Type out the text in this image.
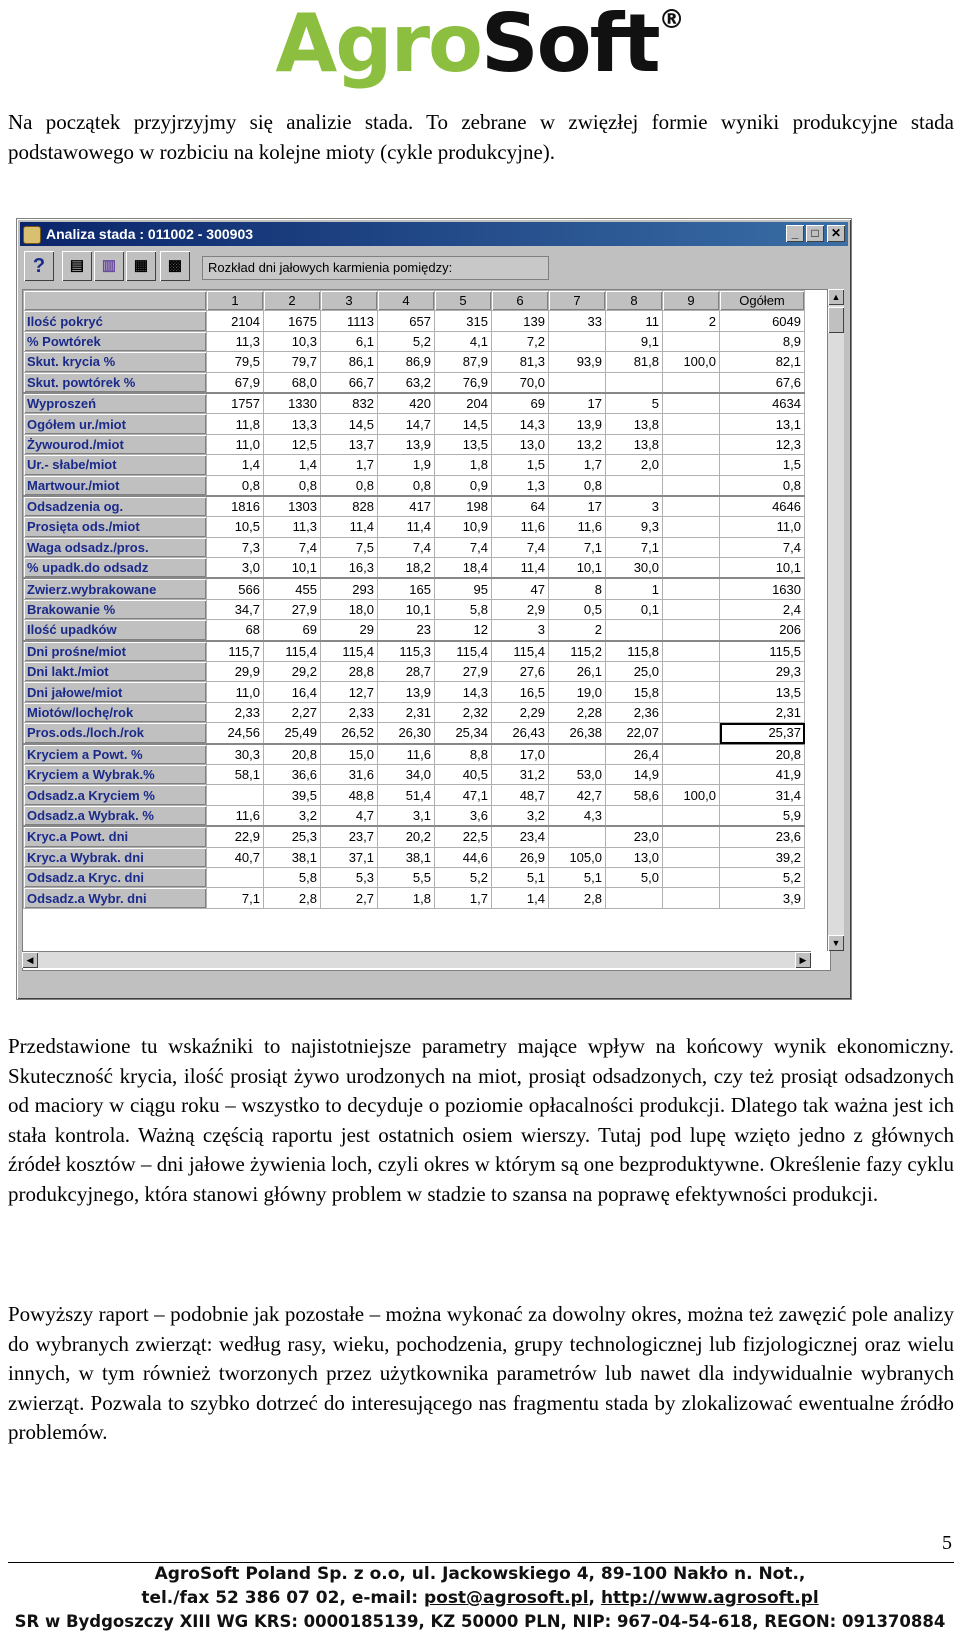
AgroSoft®

Na początek przyjrzyjmy się analizie stada. To zebrane w zwięzłej formie wyniki produkcyjne stada podstawowego w rozbiciu na kolejne mioty (cykle produkcyjne).

Analiza stada : 011002 - 300903	_	□	✕
?	▤	▥	▦	▩	Rozkład dni jałowych karmienia pomiędzy:
	1	2	3	4	5	6	7	8	9	Ogółem
Ilość pokryć	2104	1675	1113	657	315	139	33	11	2	6049
% Powtórek	11,3	10,3	6,1	5,2	4,1	7,2		9,1		8,9
Skut. krycia %	79,5	79,7	86,1	86,9	87,9	81,3	93,9	81,8	100,0	82,1
Skut. powtórek %	67,9	68,0	66,7	63,2	76,9	70,0				67,6
Wyproszeń	1757	1330	832	420	204	69	17	5		4634
Ogółem ur./miot	11,8	13,3	14,5	14,7	14,5	14,3	13,9	13,8		13,1
Żywourod./miot	11,0	12,5	13,7	13,9	13,5	13,0	13,2	13,8		12,3
Ur.- słabe/miot	1,4	1,4	1,7	1,9	1,8	1,5	1,7	2,0		1,5
Martwour./miot	0,8	0,8	0,8	0,8	0,9	1,3	0,8			0,8
Odsadzenia og.	1816	1303	828	417	198	64	17	3		4646
Prosięta ods./miot	10,5	11,3	11,4	11,4	10,9	11,6	11,6	9,3		11,0
Waga odsadz./pros.	7,3	7,4	7,5	7,4	7,4	7,4	7,1	7,1		7,4
% upadk.do odsadz	3,0	10,1	16,3	18,2	18,4	11,4	10,1	30,0		10,1
Zwierz.wybrakowane	566	455	293	165	95	47	8	1		1630
Brakowanie %	34,7	27,9	18,0	10,1	5,8	2,9	0,5	0,1		2,4
Ilość upadków	68	69	29	23	12	3	2			206
Dni prośne/miot	115,7	115,4	115,4	115,3	115,4	115,4	115,2	115,8		115,5
Dni lakt./miot	29,9	29,2	28,8	28,7	27,9	27,6	26,1	25,0		29,3
Dni jałowe/miot	11,0	16,4	12,7	13,9	14,3	16,5	19,0	15,8		13,5
Miotów/lochę/rok	2,33	2,27	2,33	2,31	2,32	2,29	2,28	2,36		2,31
Pros.ods./loch./rok	24,56	25,49	26,52	26,30	25,34	26,43	26,38	22,07		25,37
Kryciem a Powt. %	30,3	20,8	15,0	11,6	8,8	17,0		26,4		20,8
Kryciem a Wybrak.%	58,1	36,6	31,6	34,0	40,5	31,2	53,0	14,9		41,9
Odsadz.a Kryciem %		39,5	48,8	51,4	47,1	48,7	42,7	58,6	100,0	31,4
Odsadz.a Wybrak. %	11,6	3,2	4,7	3,1	3,6	3,2	4,3			5,9
Kryc.a Powt. dni	22,9	25,3	23,7	20,2	22,5	23,4		23,0		23,6
Kryc.a Wybrak. dni	40,7	38,1	37,1	38,1	44,6	26,9	105,0	13,0		39,2
Odsadz.a Kryc. dni		5,8	5,3	5,5	5,2	5,1	5,1	5,0		5,2
Odsadz.a Wybr. dni	7,1	2,8	2,7	1,8	1,7	1,4	2,8			3,9
▲
▼
◀	▶

Przedstawione tu wskaźniki to najistotniejsze parametry mające wpływ na końcowy wynik ekonomiczny. Skuteczność krycia, ilość prosiąt żywo urodzonych na miot, prosiąt odsadzonych, czy też prosiąt odsadzonych od maciory w ciągu roku – wszystko to decyduje o poziomie opłacalności produkcji. Dlatego tak ważna jest ich stała kontrola. Ważną częścią raportu jest ostatnich osiem wierszy. Tutaj pod lupę wzięto jedno z głównych źródeł kosztów – dni jałowe żywienia loch, czyli okres w którym są one bezproduktywne. Określenie fazy cyklu produkcyjnego, która stanowi główny problem w stadzie to szansa na poprawę efektywności produkcji.

Powyższy raport – podobnie jak pozostałe – można wykonać za dowolny okres, można też zawęzić pole analizy do wybranych zwierząt: według rasy, wieku, pochodzenia, grupy technologicznej lub fizjologicznej oraz wielu innych, w tym również tworzonych przez użytkownika parametrów lub nawet dla indywidualnie wybranych zwierząt. Pozwala to szybko dotrzeć do interesującego nas fragmentu stada by zlokalizować ewentualne źródło problemów.

5

AgroSoft Poland Sp. z o.o, ul. Jackowskiego 4, 89-100 Nakło n. Not.,

tel./fax 52 386 07 02, e-mail: post@agrosoft.pl, http://www.agrosoft.pl

SR w Bydgoszczy XIII WG KRS: 0000185139, KZ 50000 PLN, NIP: 967-04-54-618, REGON: 091370884
